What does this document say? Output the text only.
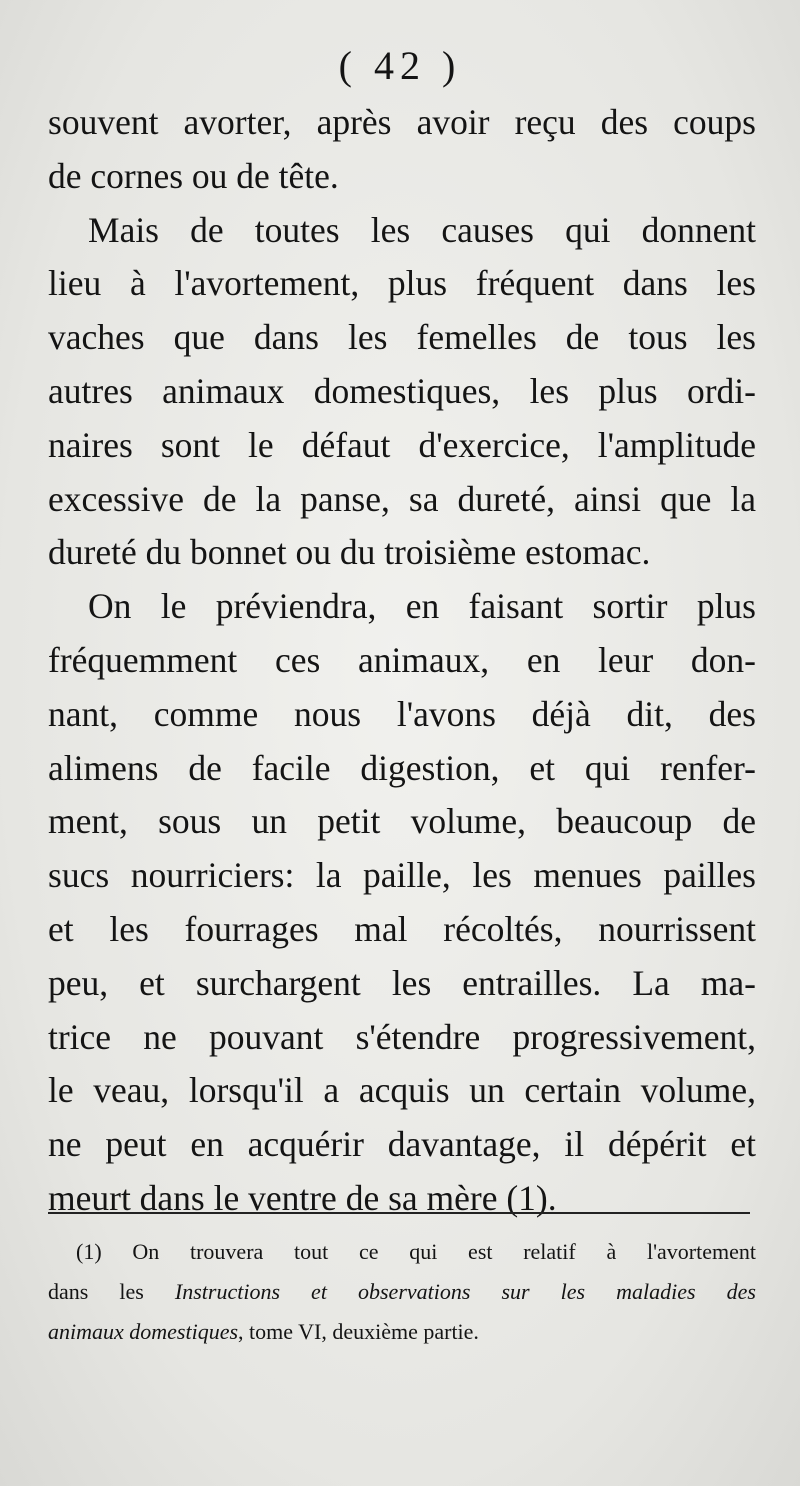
( 42 )
souvent avorter, après avoir reçu des coups
de cornes ou de tête.
Mais de toutes les causes qui donnent
lieu à l'avortement, plus fréquent dans les
vaches que dans les femelles de tous les
autres animaux domestiques, les plus ordi-
naires sont le défaut d'exercice, l'amplitude
excessive de la panse, sa dureté, ainsi que la
dureté du bonnet ou du troisième estomac.
On le préviendra, en faisant sortir plus
fréquemment ces animaux, en leur don-
nant, comme nous l'avons déjà dit, des
alimens de facile digestion, et qui renfer-
ment, sous un petit volume, beaucoup de
sucs nourriciers: la paille, les menues pailles
et les fourrages mal récoltés, nourrissent
peu, et surchargent les entrailles. La ma-
trice ne pouvant s'étendre progressivement,
le veau, lorsqu'il a acquis un certain volume,
ne peut en acquérir davantage, il dépérit et
meurt dans le ventre de sa mère (1).
(1) On trouvera tout ce qui est relatif à l'avortement
dans les Instructions et observations sur les maladies des
animaux domestiques, tome VI, deuxième partie.
